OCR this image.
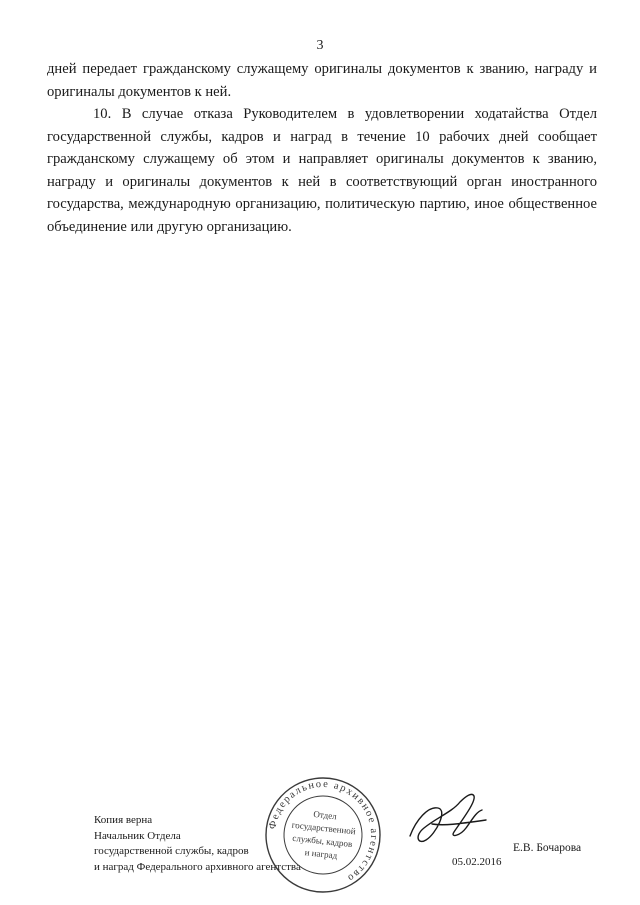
3

дней передает гражданскому служащему оригиналы документов к званию, награду и оригиналы документов к ней.

10. В случае отказа Руководителем в удовлетворении ходатайства Отдел государственной службы, кадров и наград в течение 10 рабочих дней сообщает гражданскому служащему об этом и направляет оригиналы документов к званию, награду и оригиналы документов к ней в соответствующий орган иностранного государства, международную организацию, политическую партию, иное общественное объединение или другую организацию.

Копия верна
Начальник Отдела
государственной службы, кадров
и наград Федерального архивного агентства
Федеральное архивное агентство
Отдел
государственной
службы, кадров
и наград	Е.В. Бочарова
05.02.2016
